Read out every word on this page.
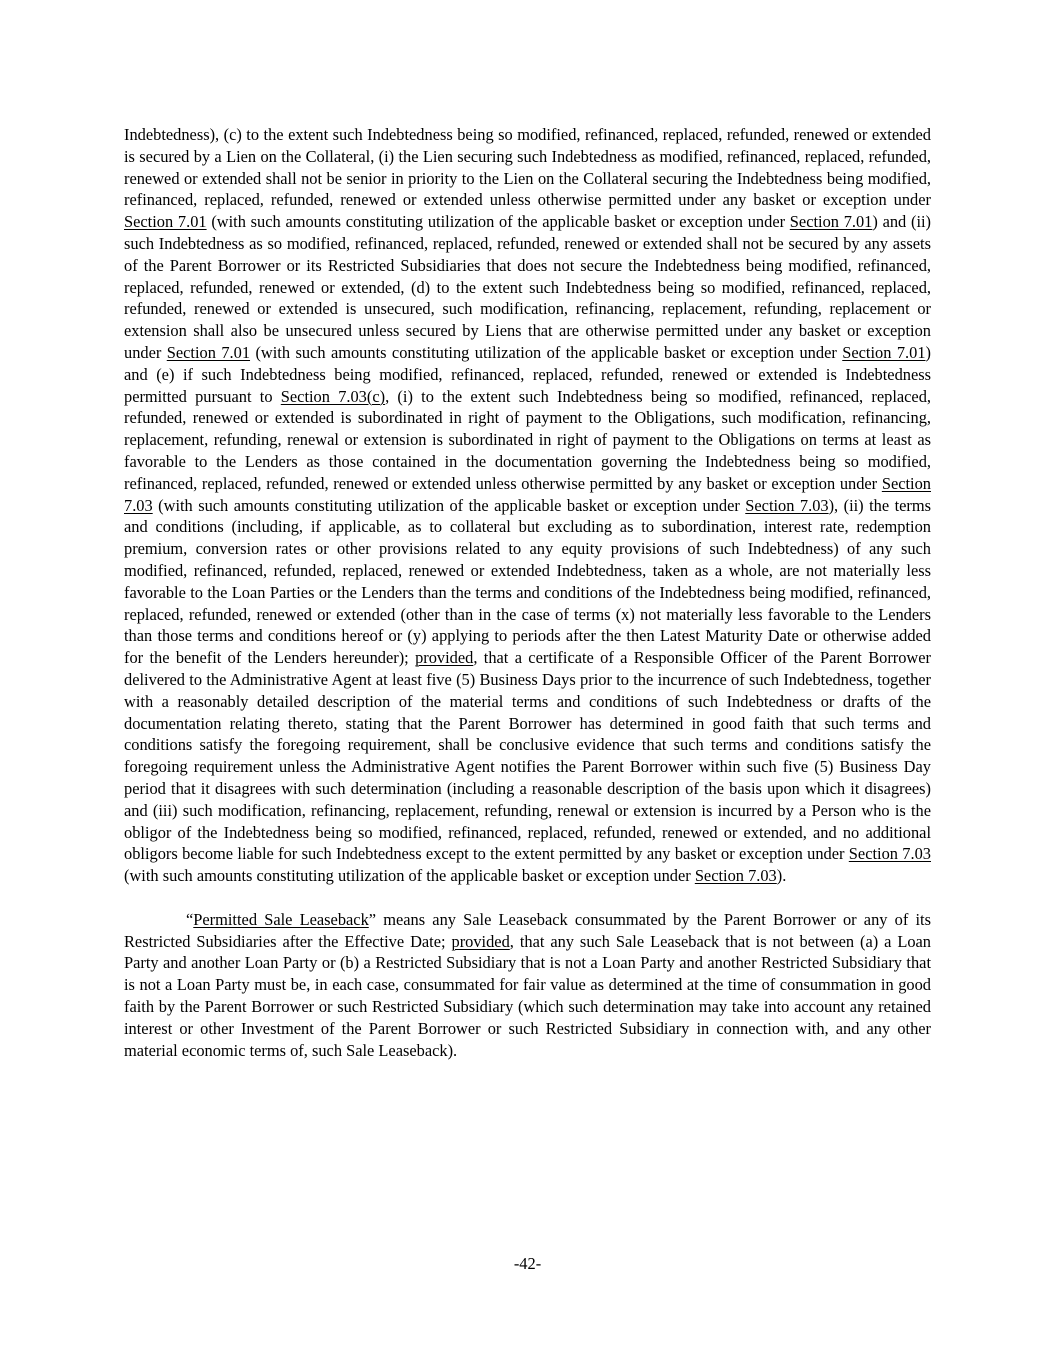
Indebtedness), (c) to the extent such Indebtedness being so modified, refinanced, replaced, refunded, renewed or extended is secured by a Lien on the Collateral, (i) the Lien securing such Indebtedness as modified, refinanced, replaced, refunded, renewed or extended shall not be senior in priority to the Lien on the Collateral securing the Indebtedness being modified, refinanced, replaced, refunded, renewed or extended unless otherwise permitted under any basket or exception under Section 7.01 (with such amounts constituting utilization of the applicable basket or exception under Section 7.01) and (ii) such Indebtedness as so modified, refinanced, replaced, refunded, renewed or extended shall not be secured by any assets of the Parent Borrower or its Restricted Subsidiaries that does not secure the Indebtedness being modified, refinanced, replaced, refunded, renewed or extended, (d) to the extent such Indebtedness being so modified, refinanced, replaced, refunded, renewed or extended is unsecured, such modification, refinancing, replacement, refunding, replacement or extension shall also be unsecured unless secured by Liens that are otherwise permitted under any basket or exception under Section 7.01 (with such amounts constituting utilization of the applicable basket or exception under Section 7.01) and (e) if such Indebtedness being modified, refinanced, replaced, refunded, renewed or extended is Indebtedness permitted pursuant to Section 7.03(c), (i) to the extent such Indebtedness being so modified, refinanced, replaced, refunded, renewed or extended is subordinated in right of payment to the Obligations, such modification, refinancing, replacement, refunding, renewal or extension is subordinated in right of payment to the Obligations on terms at least as favorable to the Lenders as those contained in the documentation governing the Indebtedness being so modified, refinanced, replaced, refunded, renewed or extended unless otherwise permitted by any basket or exception under Section 7.03 (with such amounts constituting utilization of the applicable basket or exception under Section 7.03), (ii) the terms and conditions (including, if applicable, as to collateral but excluding as to subordination, interest rate, redemption premium, conversion rates or other provisions related to any equity provisions of such Indebtedness) of any such modified, refinanced, refunded, replaced, renewed or extended Indebtedness, taken as a whole, are not materially less favorable to the Loan Parties or the Lenders than the terms and conditions of the Indebtedness being modified, refinanced, replaced, refunded, renewed or extended (other than in the case of terms (x) not materially less favorable to the Lenders than those terms and conditions hereof or (y) applying to periods after the then Latest Maturity Date or otherwise added for the benefit of the Lenders hereunder); provided, that a certificate of a Responsible Officer of the Parent Borrower delivered to the Administrative Agent at least five (5) Business Days prior to the incurrence of such Indebtedness, together with a reasonably detailed description of the material terms and conditions of such Indebtedness or drafts of the documentation relating thereto, stating that the Parent Borrower has determined in good faith that such terms and conditions satisfy the foregoing requirement, shall be conclusive evidence that such terms and conditions satisfy the foregoing requirement unless the Administrative Agent notifies the Parent Borrower within such five (5) Business Day period that it disagrees with such determination (including a reasonable description of the basis upon which it disagrees) and (iii) such modification, refinancing, replacement, refunding, renewal or extension is incurred by a Person who is the obligor of the Indebtedness being so modified, refinanced, replaced, refunded, renewed or extended, and no additional obligors become liable for such Indebtedness except to the extent permitted by any basket or exception under Section 7.03 (with such amounts constituting utilization of the applicable basket or exception under Section 7.03).

“Permitted Sale Leaseback” means any Sale Leaseback consummated by the Parent Borrower or any of its Restricted Subsidiaries after the Effective Date; provided, that any such Sale Leaseback that is not between (a) a Loan Party and another Loan Party or (b) a Restricted Subsidiary that is not a Loan Party and another Restricted Subsidiary that is not a Loan Party must be, in each case, consummated for fair value as determined at the time of consummation in good faith by the Parent Borrower or such Restricted Subsidiary (which such determination may take into account any retained interest or other Investment of the Parent Borrower or such Restricted Subsidiary in connection with, and any other material economic terms of, such Sale Leaseback).

-42-
